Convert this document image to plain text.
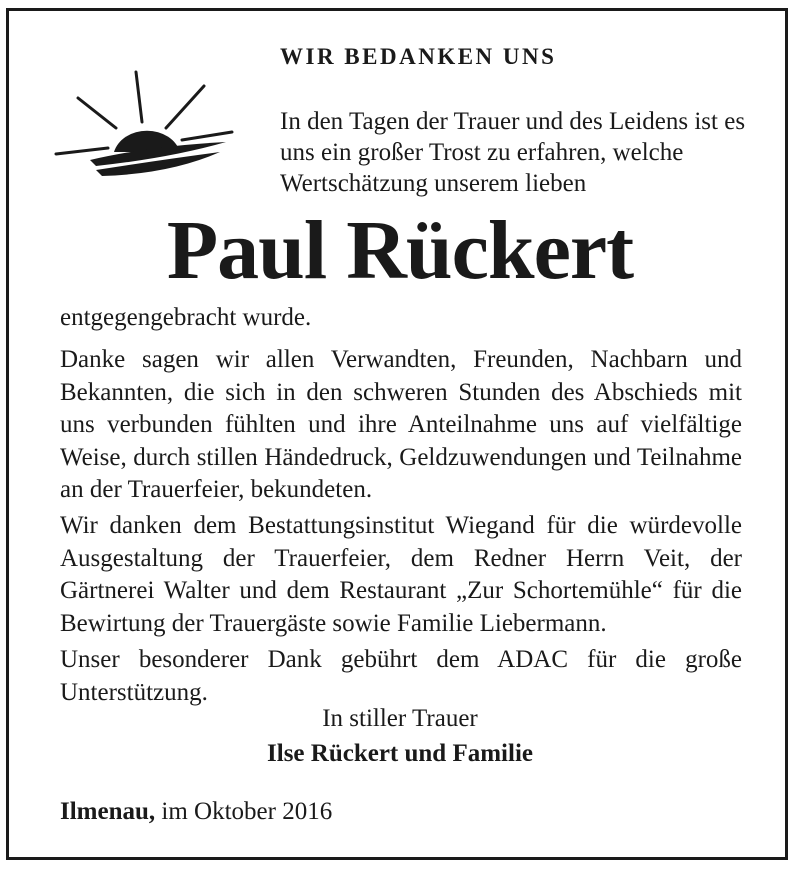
WIR BEDANKEN UNS

In den Tagen der Trauer und des Leidens ist es uns ein großer Trost zu erfahren, welche Wertschätzung unserem lieben

Paul Rückert

entgegengebracht wurde.

Danke sagen wir allen Verwandten, Freunden, Nachbarn und Bekannten, die sich in den schweren Stunden des Abschieds mit uns verbunden fühlten und ihre Anteilnahme uns auf vielfältige Weise, durch stillen Händedruck, Geldzuwendungen und Teilnahme an der Trauerfeier, bekundeten.

Wir danken dem Bestattungsinstitut Wiegand für die würdevolle Ausgestaltung der Trauerfeier, dem Redner Herrn Veit, der Gärtnerei Walter und dem Restaurant „Zur Schortemühle“ für die Bewirtung der Trauergäste sowie Familie Liebermann.

Unser besonderer Dank gebührt dem ADAC für die große Unterstützung.

In stiller Trauer

Ilse Rückert und Familie

Ilmenau, im Oktober 2016
